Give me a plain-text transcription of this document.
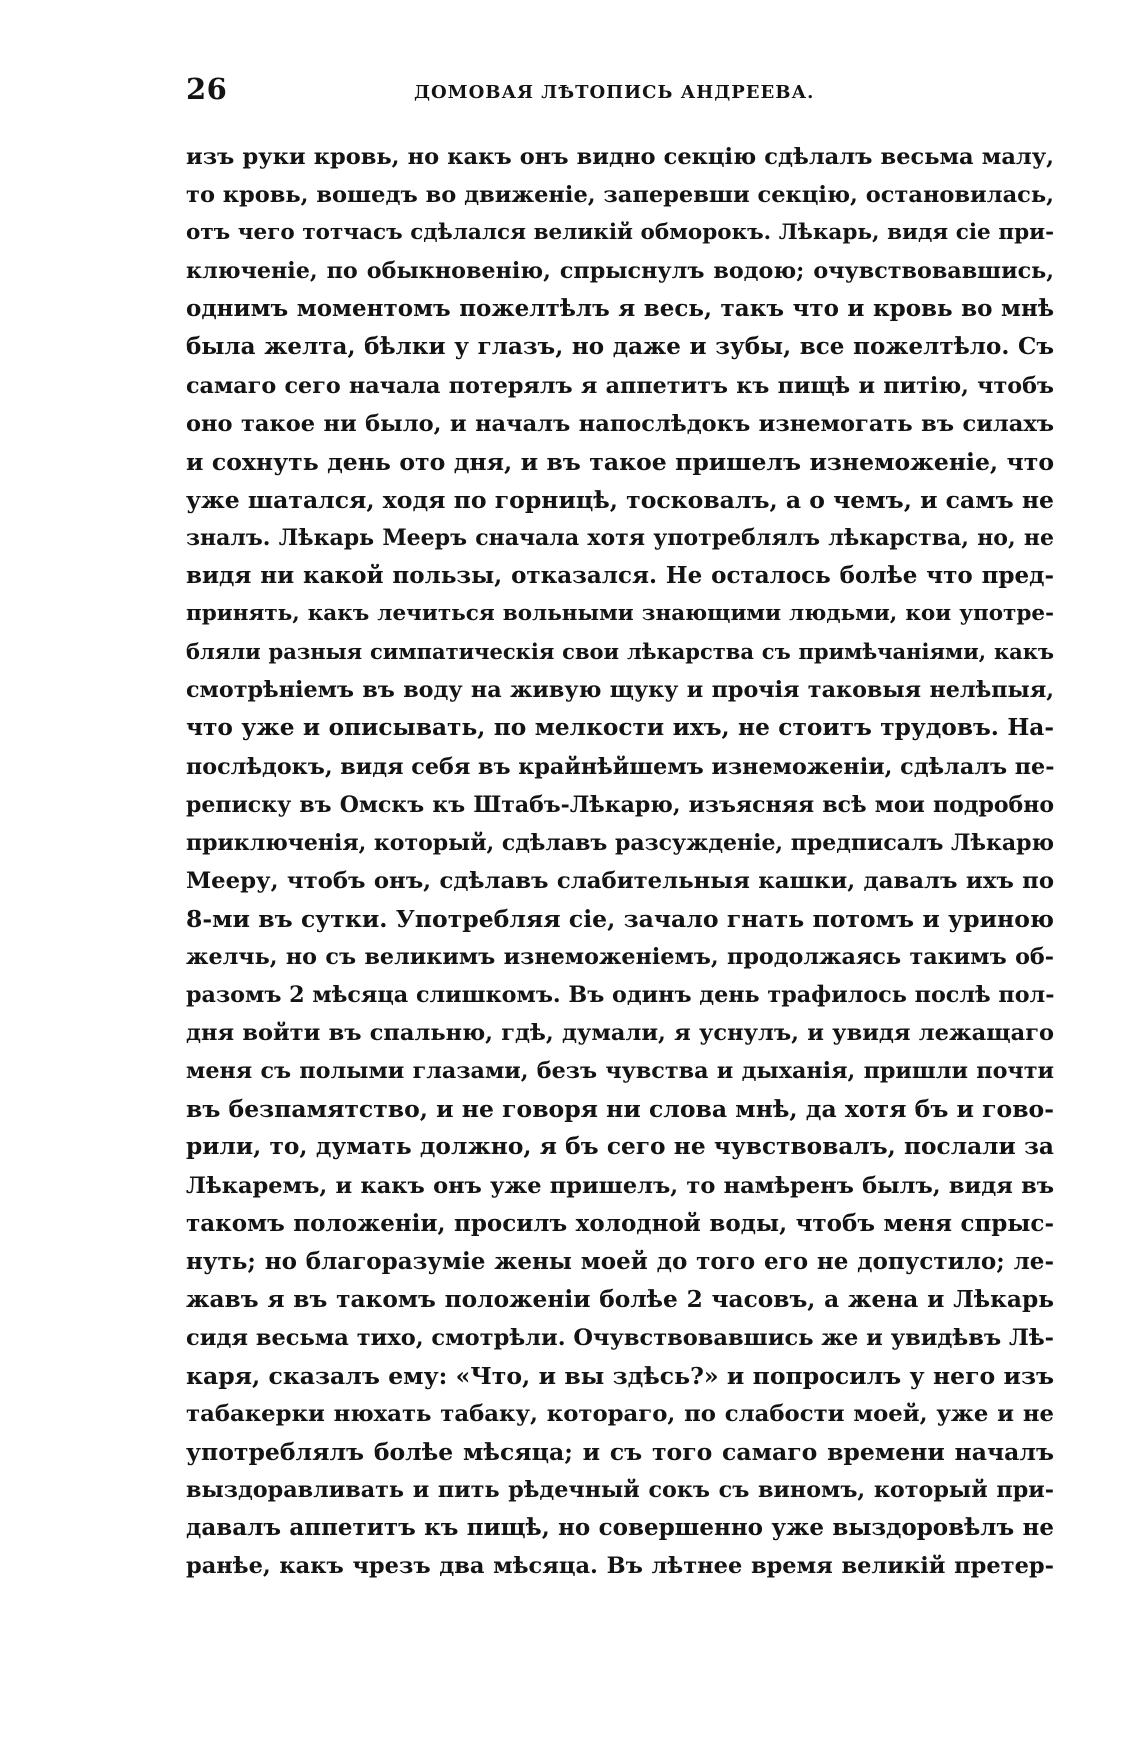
26	ДОМОВАЯ ЛѢТОПИСЬ АНДРЕЕВА.
изъ руки кровь, но какъ онъ видно секцію сдѣлалъ весьма малу,
то кровь, вошедъ во движеніе, заперевши секцію, остановилась,
отъ чего тотчасъ сдѣлался великій обморокъ. Лѣкарь, видя сіе при-
ключеніе, по обыкновенію, спрыснулъ водою; очувствовавшись,
однимъ моментомъ пожелтѣлъ я весь, такъ что и кровь во мнѣ
была желта, бѣлки у глазъ, но даже и зубы, все пожелтѣло. Съ
самаго сего начала потерялъ я аппетитъ къ пищѣ и питію, чтобъ
оно такое ни было, и началъ напослѣдокъ изнемогать въ силахъ
и сохнуть день ото дня, и въ такое пришелъ изнеможеніе, что
уже шатался, ходя по горницѣ, тосковалъ, а о чемъ, и самъ не
зналъ. Лѣкарь Мееръ сначала хотя употреблялъ лѣкарства, но, не
видя ни какой пользы, отказался. Не осталось болѣе что пред-
принять, какъ лечиться вольными знающими людьми, кои употре-
бляли разныя симпатическія свои лѣкарства съ примѣчаніями, какъ
смотрѣніемъ въ воду на живую щуку и прочія таковыя нелѣпыя,
что уже и описывать, по мелкости ихъ, не стоитъ трудовъ. На-
послѣдокъ, видя себя въ крайнѣйшемъ изнеможеніи, сдѣлалъ пе-
реписку въ Омскъ къ Штабъ-Лѣкарю, изъясняя всѣ мои подробно
приключенія, который, сдѣлавъ разсужденіе, предписалъ Лѣкарю
Мееру, чтобъ онъ, сдѣлавъ слабительныя кашки, давалъ ихъ по
8-ми въ сутки. Употребляя сіе, зачало гнать потомъ и уриною
желчь, но съ великимъ изнеможеніемъ, продолжаясь такимъ об-
разомъ 2 мѣсяца слишкомъ. Въ одинъ день трафилось послѣ пол-
дня войти въ спальню, гдѣ, думали, я уснулъ, и увидя лежащаго
меня съ полыми глазами, безъ чувства и дыханія, пришли почти
въ безпамятство, и не говоря ни слова мнѣ, да хотя бъ и гово-
рили, то, думать должно, я бъ сего не чувствовалъ, послали за
Лѣкаремъ, и какъ онъ уже пришелъ, то намѣренъ былъ, видя въ
такомъ положеніи, просилъ холодной воды, чтобъ меня спрыс-
нуть; но благоразуміе жены моей до того его не допустило; ле-
жавъ я въ такомъ положеніи болѣе 2 часовъ, а жена и Лѣкарь
сидя весьма тихо, смотрѣли. Очувствовавшись же и увидѣвъ Лѣ-
каря, сказалъ ему: «Что, и вы здѣсь?» и попросилъ у него изъ
табакерки нюхать табаку, котораго, по слабости моей, уже и не
употреблялъ болѣе мѣсяца; и съ того самаго времени началъ
выздоравливать и пить рѣдечный сокъ съ виномъ, который при-
давалъ аппетитъ къ пищѣ, но совершенно уже выздоровѣлъ не
ранѣе, какъ чрезъ два мѣсяца. Въ лѣтнее время великій претер-
